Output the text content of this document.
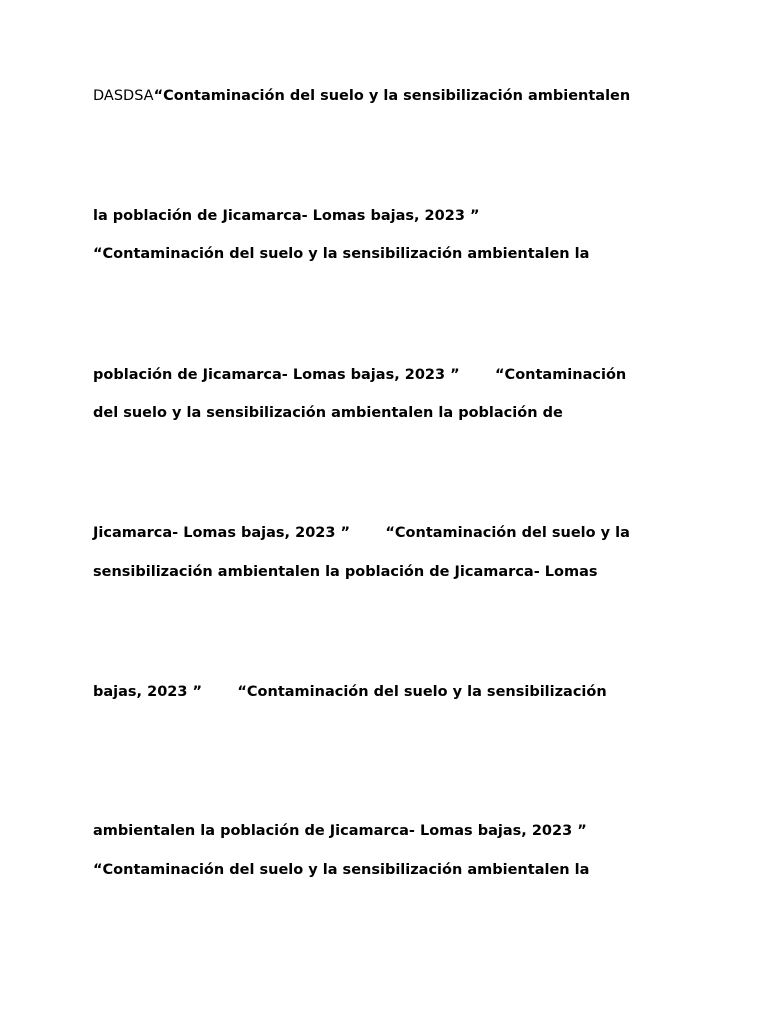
DASDSA“Contaminación del suelo y la sensibilización ambientalen
la población de Jicamarca- Lomas bajas, 2023 ”
“Contaminación del suelo y la sensibilización ambientalen la
población de Jicamarca- Lomas bajas, 2023 ”       “Contaminación
del suelo y la sensibilización ambientalen la población de
Jicamarca- Lomas bajas, 2023 ”       “Contaminación del suelo y la
sensibilización ambientalen la población de Jicamarca- Lomas
bajas, 2023 ”       “Contaminación del suelo y la sensibilización
ambientalen la población de Jicamarca- Lomas bajas, 2023 ”
“Contaminación del suelo y la sensibilización ambientalen la
